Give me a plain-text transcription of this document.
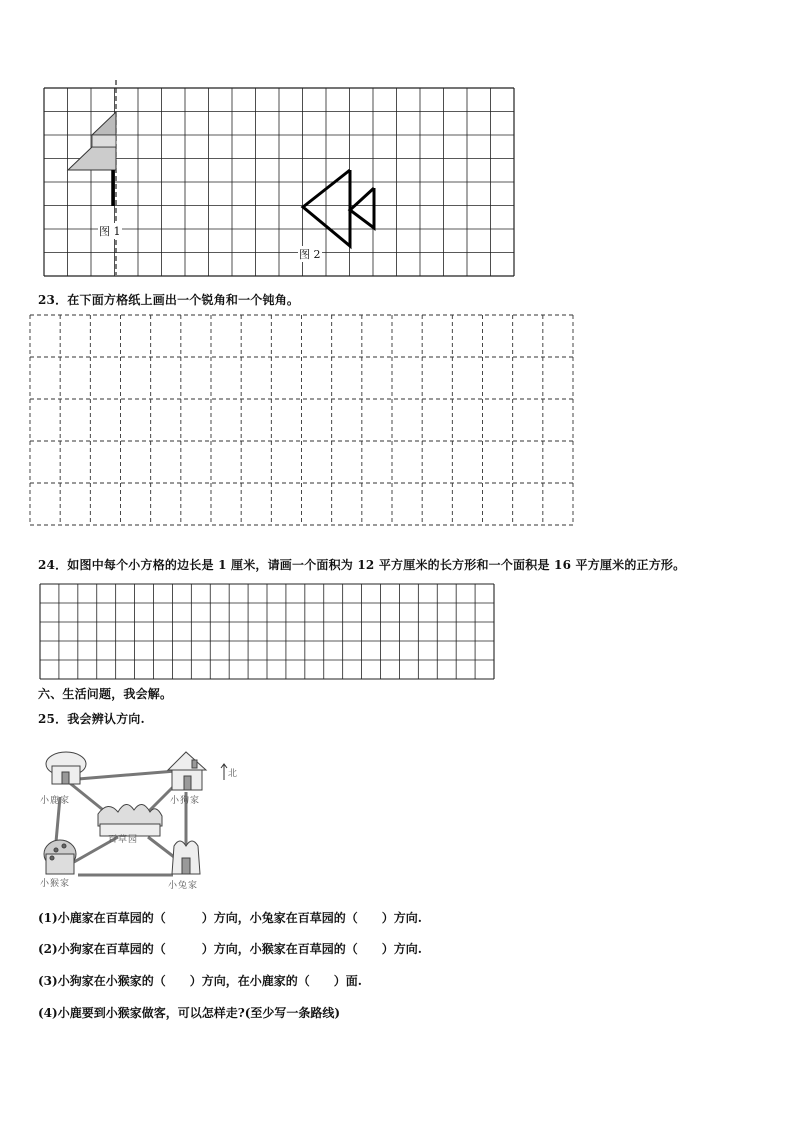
图 1
图 2
23．在下面方格纸上画出一个锐角和一个钝角。
24．如图中每个小方格的边长是 1 厘米，请画一个面积为 12 平方厘米的长方形和一个面积是 16 平方厘米的正方形。
六、生活问题，我会解。
25．我会辨认方向.
北
小鹿家	小狗家
百草园
小猴家	小兔家
(1)小鹿家在百草园的（　　　）方向，小兔家在百草园的（　　）方向.
(2)小狗家在百草园的（　　　）方向，小猴家在百草园的（　　）方向.
(3)小狗家在小猴家的（　　）方向，在小鹿家的（　　）面.
(4)小鹿要到小猴家做客，可以怎样走?(至少写一条路线)
